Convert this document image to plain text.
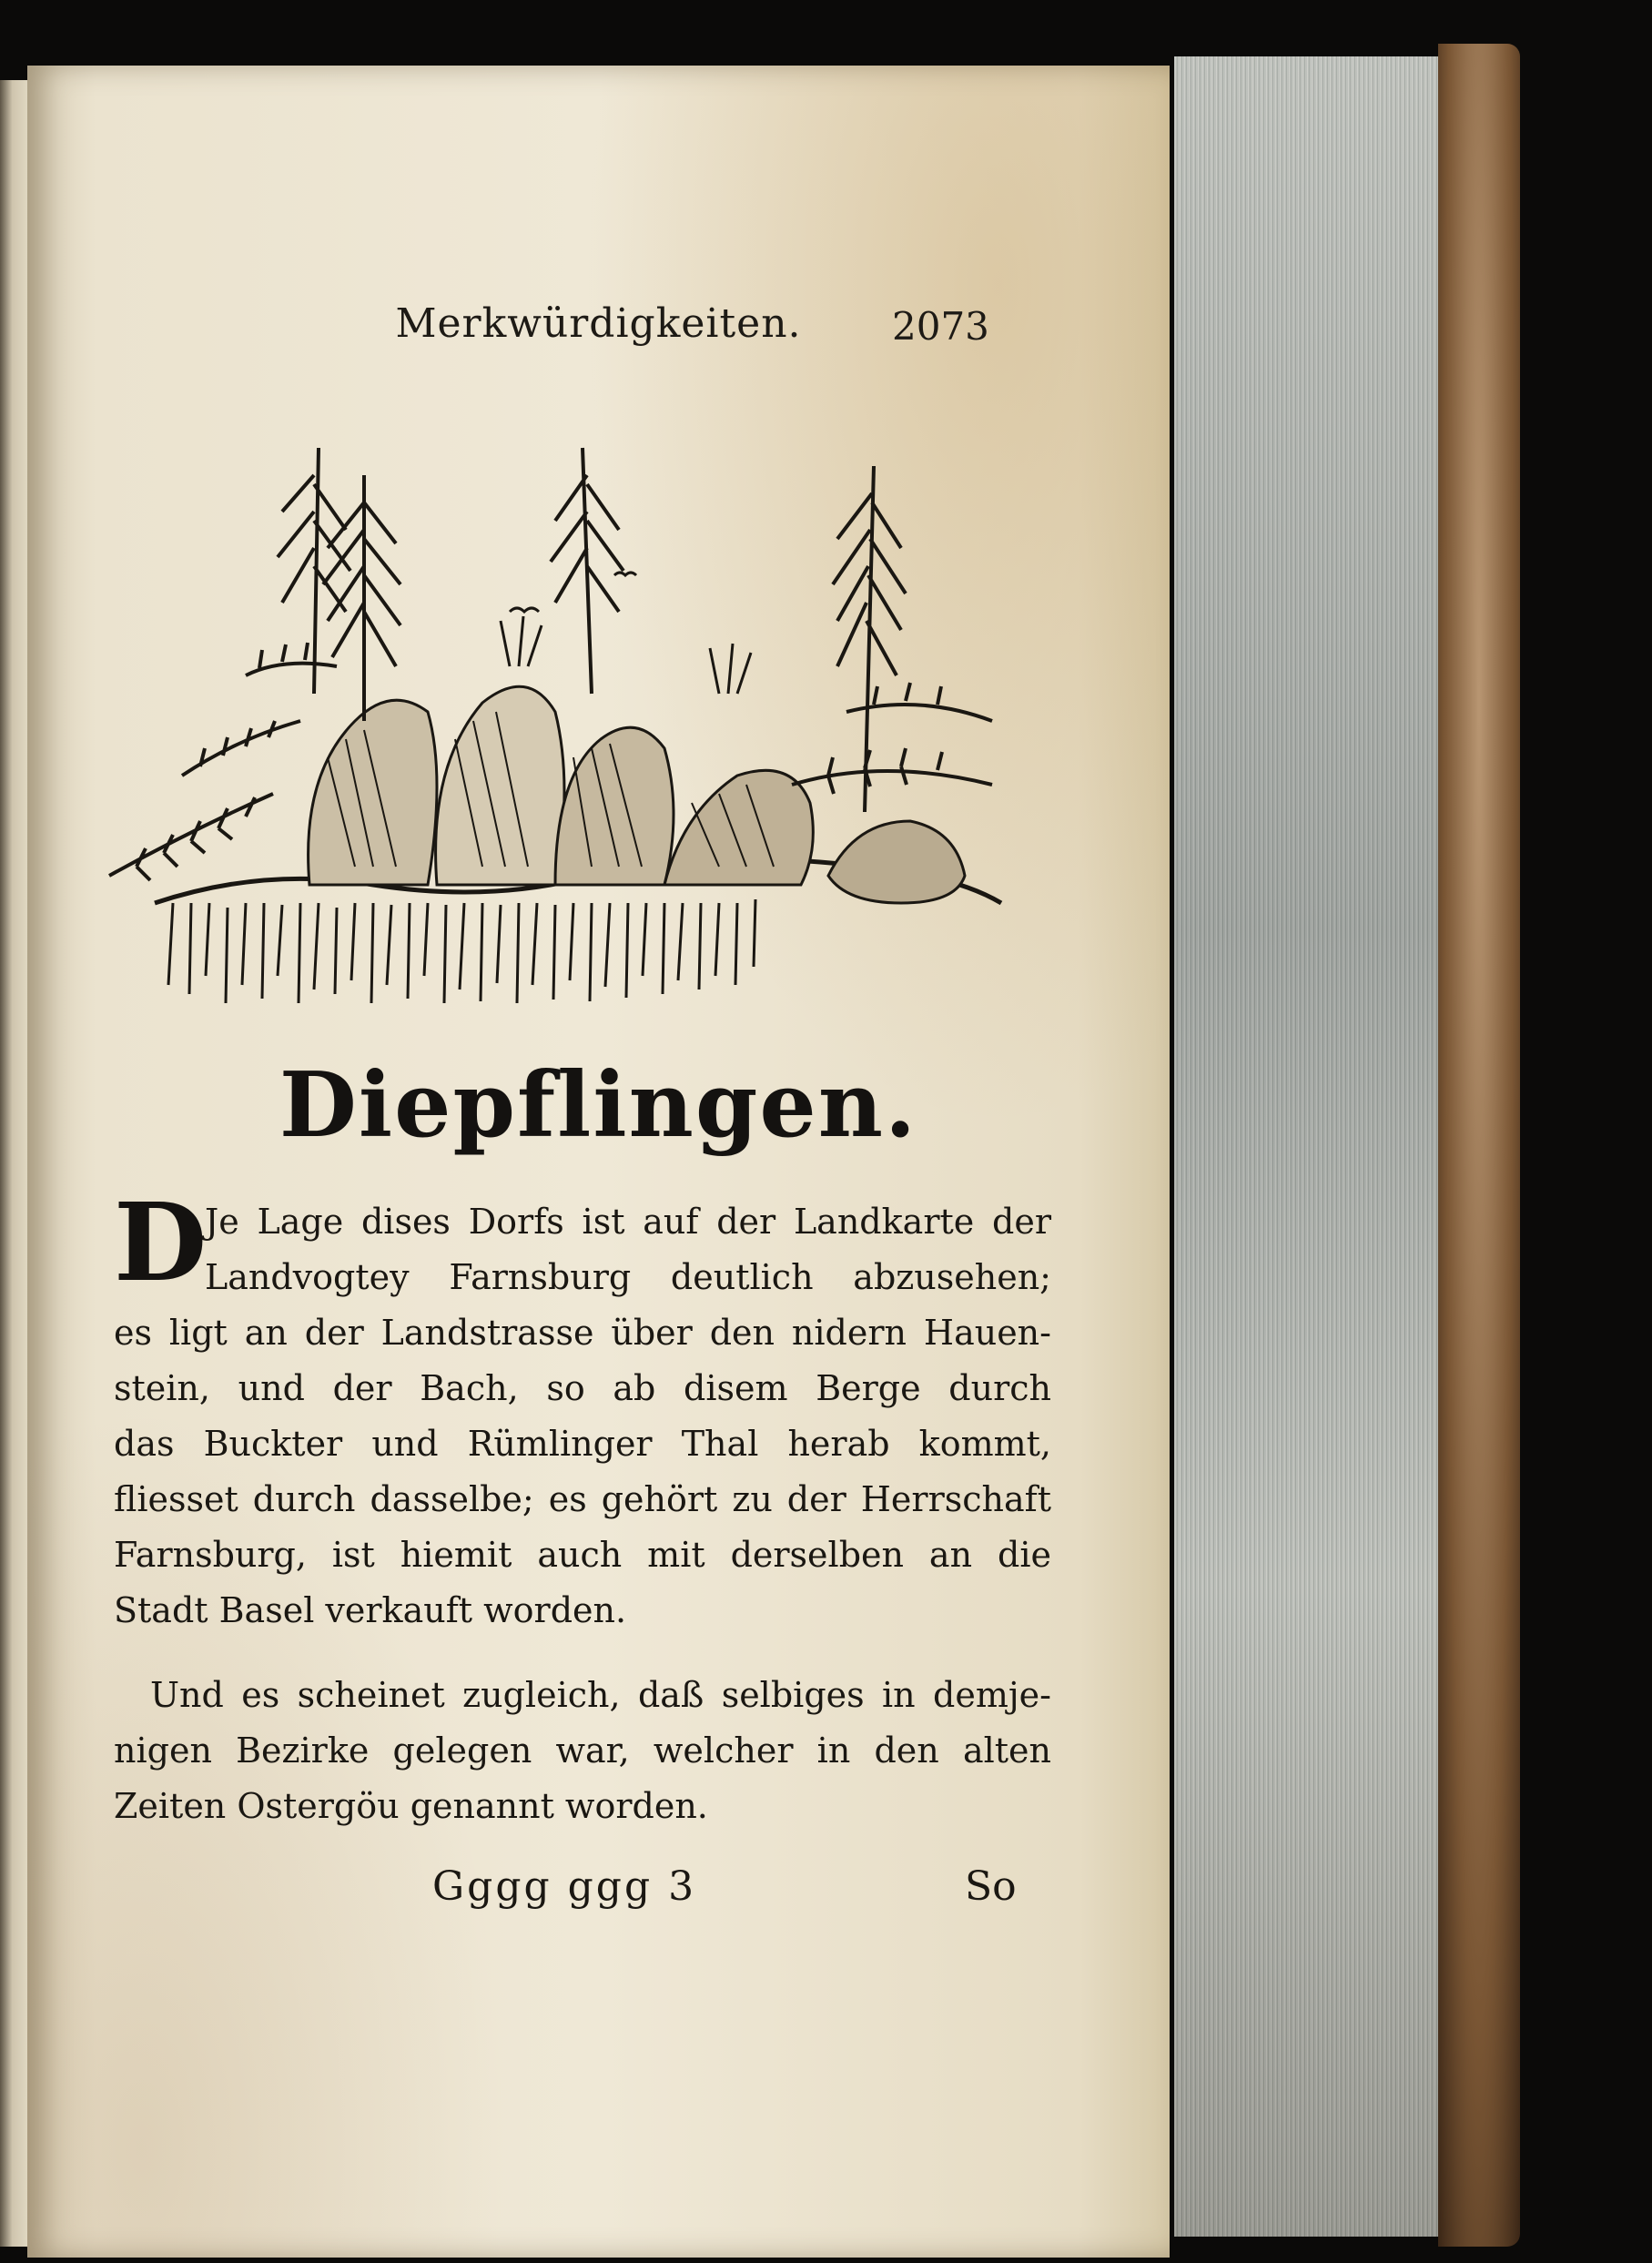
Merkwürdigkeiten.	2073
Diepflingen.
D
Je Lage dises Dorfs ist auf der Landkarte der
Landvogtey Farnsburg deutlich abzusehen;
es ligt an der Landstrasse über den nidern Hauen-
stein, und der Bach, so ab disem Berge durch
das Buckter und Rümlinger Thal herab kommt,
fliesset durch dasselbe; es gehört zu der Herrschaft
Farnsburg, ist hiemit auch mit derselben an die
Stadt Basel verkauft worden.
Und es scheinet zugleich, daß selbiges in demje-
nigen Bezirke gelegen war, welcher in den alten
Zeiten Ostergöu genannt worden.
Gggg ggg 3	So
